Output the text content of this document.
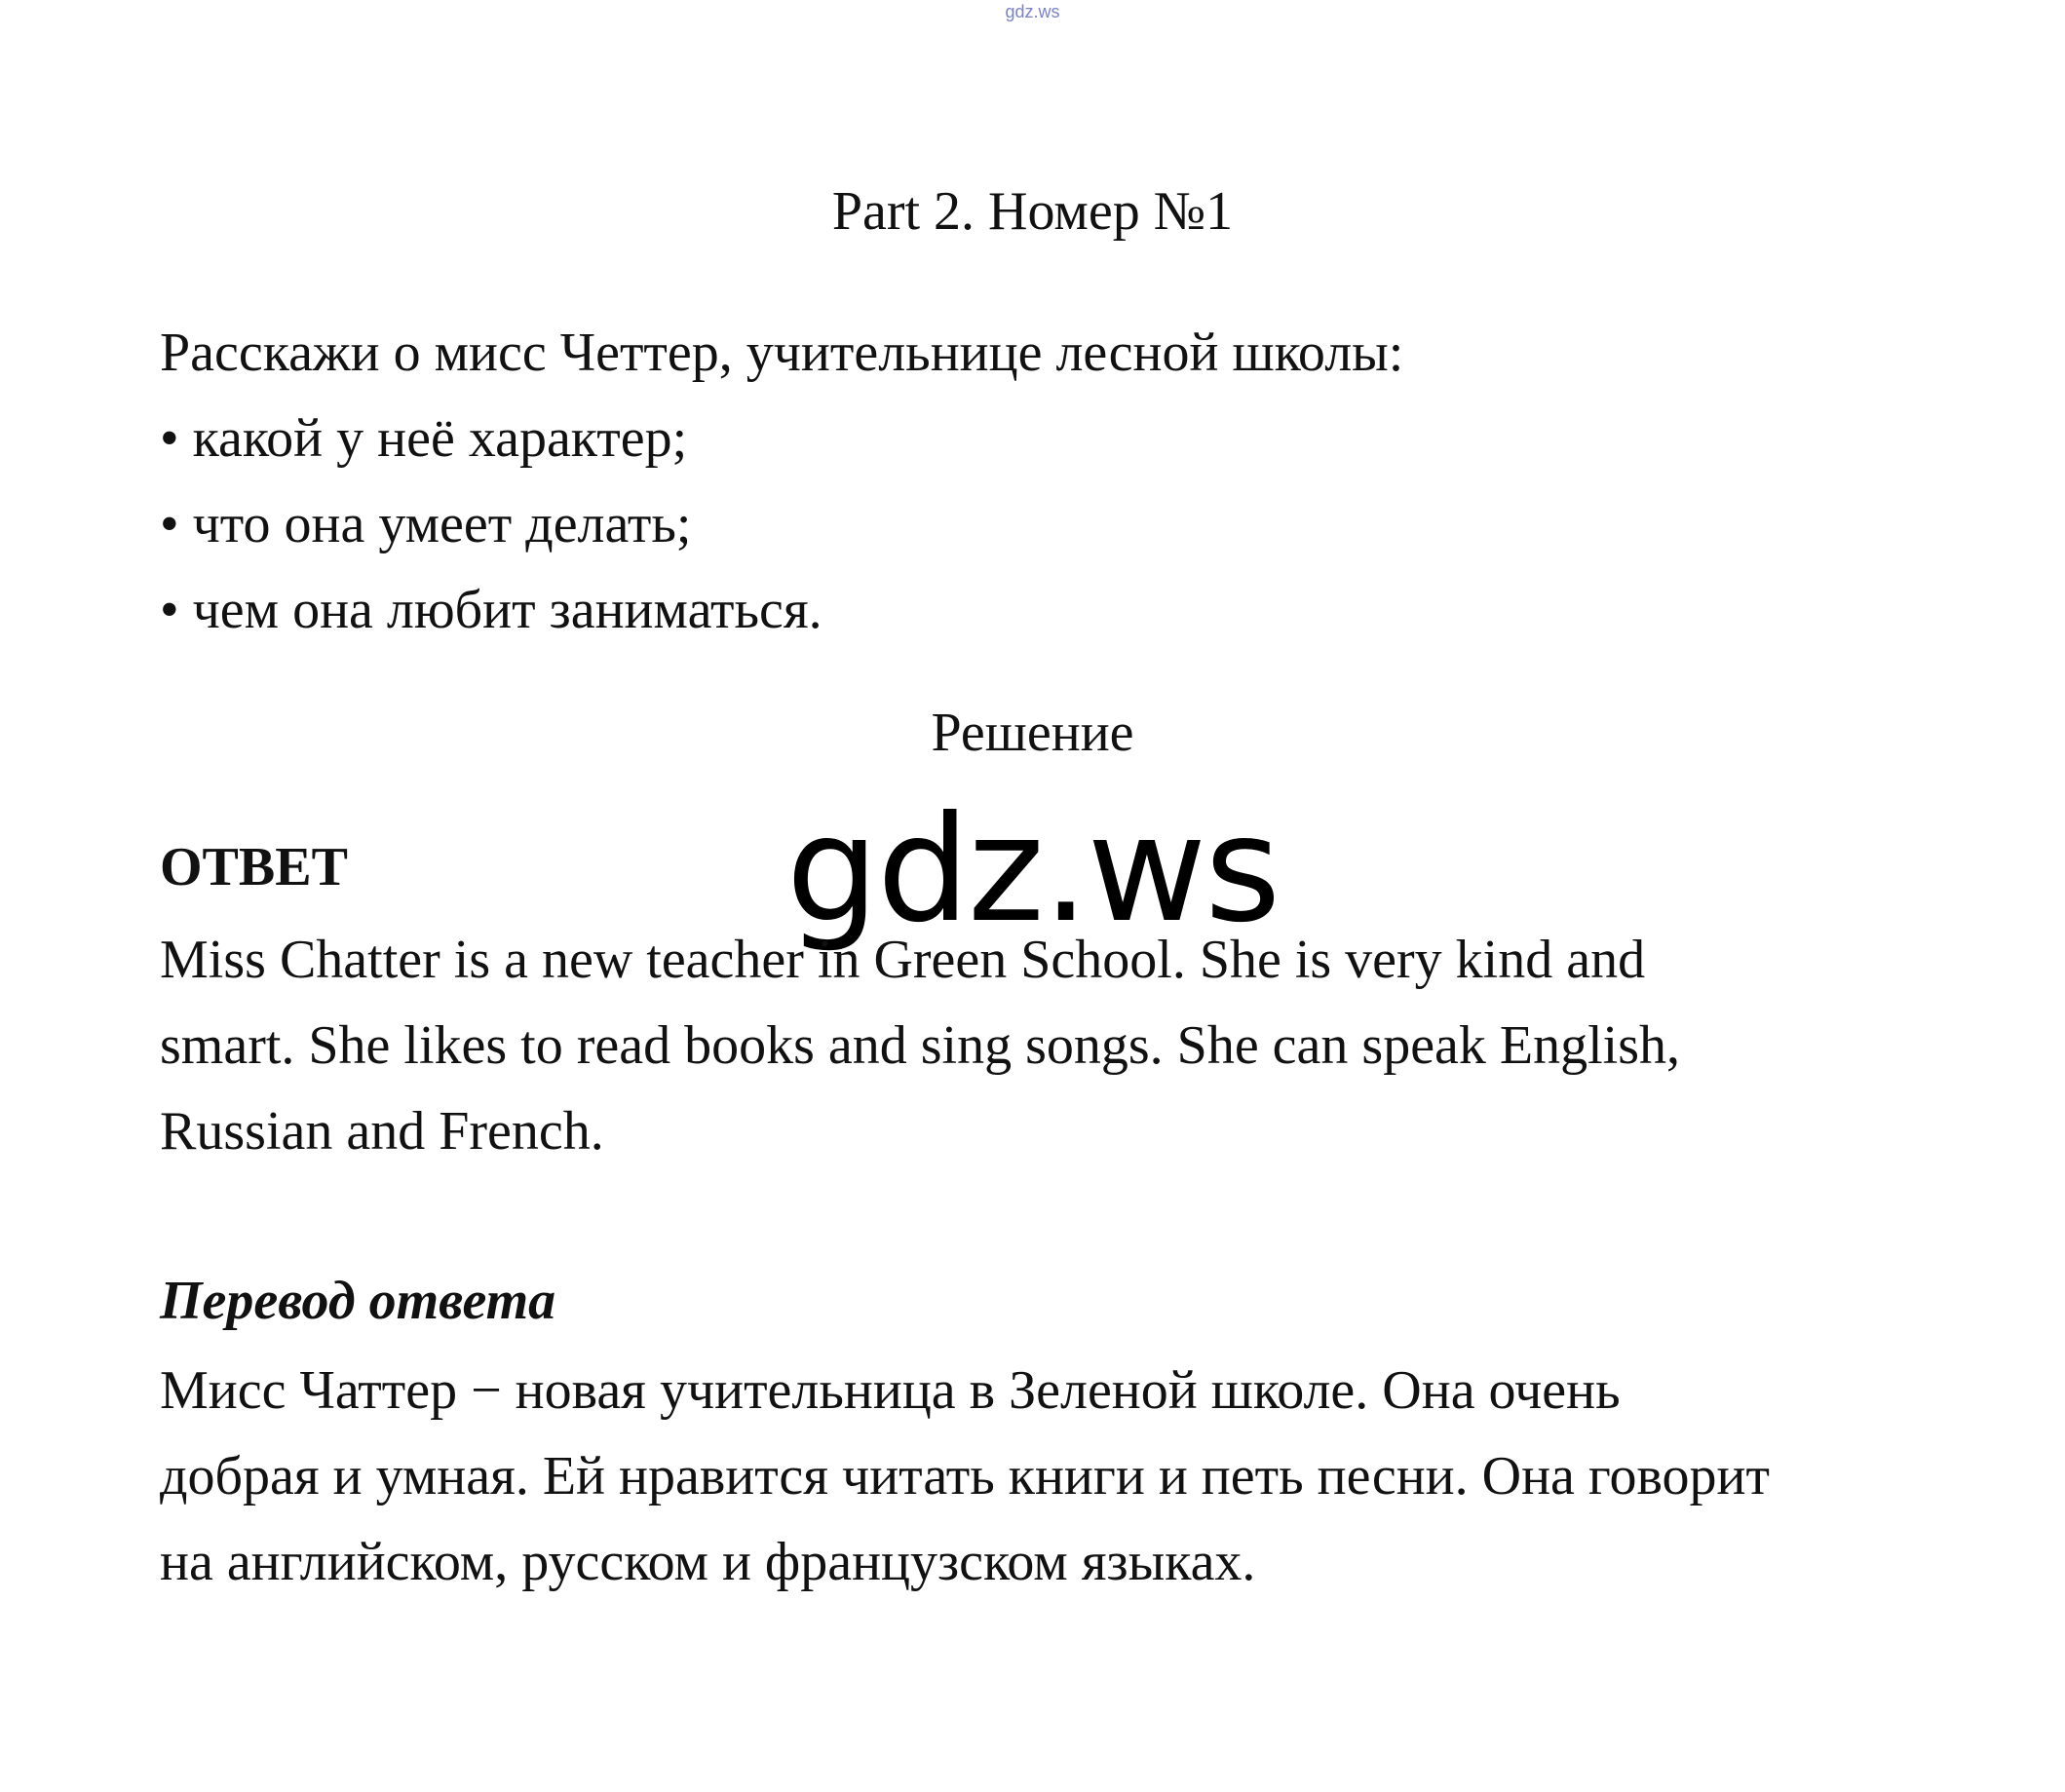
gdz.ws
Part 2. Номер №1

Расскажи о мисс Четтер, учительнице лесной школы:

• какой у неё характер;

• что она умеет делать;

• чем она любит заниматься.

Решение
ОТВЕТ	gdz.ws

Miss Chatter is a new teacher in Green School. She is very kind and

smart. She likes to read books and sing songs. She can speak English,

Russian and French.

Перевод ответа

Мисс Чаттер − новая учительница в Зеленой школе. Она очень

добрая и умная. Ей нравится читать книги и петь песни. Она говорит

на английском, русском и французском языках.
